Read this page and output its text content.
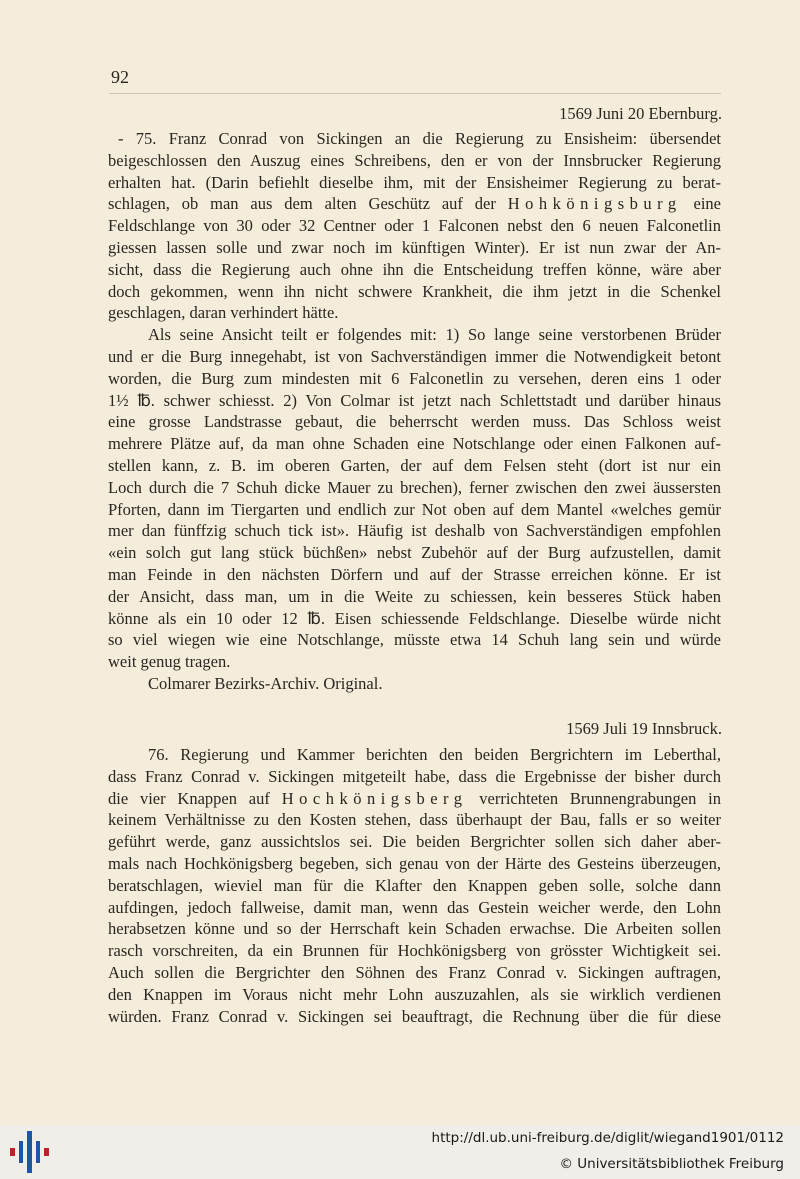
92
1569 Juni 20 Ebernburg.

- 75. Franz Conrad von Sickingen an die Regierung zu Ensisheim: übersendet

beigeschlossen den Auszug eines Schreibens, den er von der Innsbrucker Regierung

erhalten hat. (Darin befiehlt dieselbe ihm, mit der Ensisheimer Regierung zu berat-

schlagen, ob man aus dem alten Geschütz auf der Hohkönigsburg eine

Feldschlange von 30 oder 32 Centner oder 1 Falconen nebst den 6 neuen Falconetlin

giessen lassen solle und zwar noch im künftigen Winter). Er ist nun zwar der An-

sicht, dass die Regierung auch ohne ihn die Entscheidung treffen könne, wäre aber

doch gekommen, wenn ihn nicht schwere Krankheit, die ihm jetzt in die Schenkel

geschlagen, daran verhindert hätte.

Als seine Ansicht teilt er folgendes mit: 1) So lange seine verstorbenen Brüder

und er die Burg innegehabt, ist von Sachverständigen immer die Notwendigkeit betont

worden, die Burg zum mindesten mit 6 Falconetlin zu versehen, deren eins 1 oder

1½ ℔. schwer schiesst. 2) Von Colmar ist jetzt nach Schlettstadt und darüber hinaus

eine grosse Landstrasse gebaut, die beherrscht werden muss. Das Schloss weist

mehrere Plätze auf, da man ohne Schaden eine Notschlange oder einen Falkonen auf-

stellen kann, z. B. im oberen Garten, der auf dem Felsen steht (dort ist nur ein

Loch durch die 7 Schuh dicke Mauer zu brechen), ferner zwischen den zwei äussersten

Pforten, dann im Tiergarten und endlich zur Not oben auf dem Mantel «welches gemür

mer dan fünffzig schuch tick ist». Häufig ist deshalb von Sachverständigen empfohlen

«ein solch gut lang stück büchßen» nebst Zubehör auf der Burg aufzustellen, damit

man Feinde in den nächsten Dörfern und auf der Strasse erreichen könne. Er ist

der Ansicht, dass man, um in die Weite zu schiessen, kein besseres Stück haben

könne als ein 10 oder 12 ℔. Eisen schiessende Feldschlange. Dieselbe würde nicht

so viel wiegen wie eine Notschlange, müsste etwa 14 Schuh lang sein und würde

weit genug tragen.

Colmarer Bezirks-Archiv. Original.
1569 Juli 19 Innsbruck.

76. Regierung und Kammer berichten den beiden Bergrichtern im Leberthal,

dass Franz Conrad v. Sickingen mitgeteilt habe, dass die Ergebnisse der bisher durch

die vier Knappen auf Hochkönigsberg verrichteten Brunnengrabungen in

keinem Verhältnisse zu den Kosten stehen, dass überhaupt der Bau, falls er so weiter

geführt werde, ganz aussichtslos sei. Die beiden Bergrichter sollen sich daher aber-

mals nach Hochkönigsberg begeben, sich genau von der Härte des Gesteins überzeugen,

beratschlagen, wieviel man für die Klafter den Knappen geben solle, solche dann

aufdingen, jedoch fallweise, damit man, wenn das Gestein weicher werde, den Lohn

herabsetzen könne und so der Herrschaft kein Schaden erwachse. Die Arbeiten sollen

rasch vorschreiten, da ein Brunnen für Hochkönigsberg von grösster Wichtigkeit sei.

Auch sollen die Bergrichter den Söhnen des Franz Conrad v. Sickingen auftragen,

den Knappen im Voraus nicht mehr Lohn auszuzahlen, als sie wirklich verdienen

würden. Franz Conrad v. Sickingen sei beauftragt, die Rechnung über die für diese

http://dl.ub.uni-freiburg.de/diglit/wiegand1901/0112
© Universitätsbibliothek Freiburg
